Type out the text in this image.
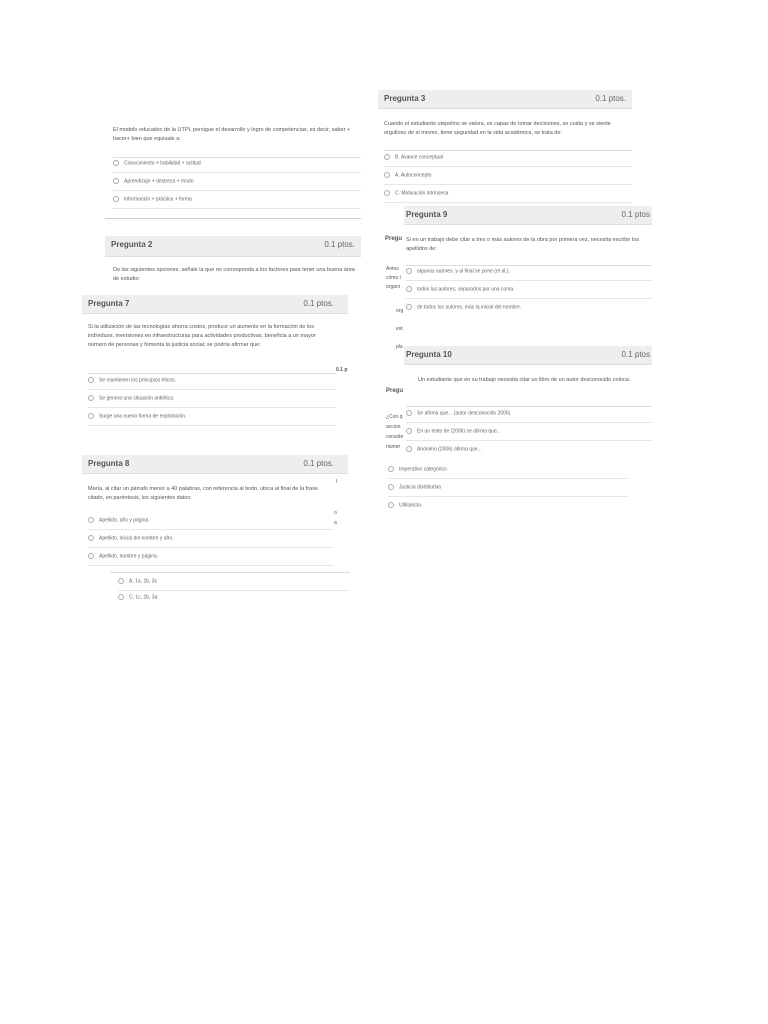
El modelo educativo de la UTPL persigue el desarrollo y logro de competencias, es decir, saber + hacer+ bien que equivale a:
Conocimiento + habilidad + actitud
Aprendizaje + destreza + modo
Información + práctica + forma
Pregunta 2	0.1 ptos.
De las siguientes opciones, señale la que no corresponda a los factores para tener una buena área de estudio:
Pregunta 7	0.1 ptos.
Si la utilización de las tecnologías ahorra costos, produce un aumento en la formación de los individuos, inversiones en infraestructuras para actividades productivas, beneficia a un mayor número de personas y fomenta la justicia social; se podría afirmar que:
0.1 p
Se mantienen los principios éticos.
Se genera una situación antiética.
Surge una nueva forma de explotación.
Pregunta 8	0.1 ptos.
I
o
a
María, al citar un párrafo menor a 40 palabras, con referencia al texto, ubica al final de la frase citado, en paréntesis, los siguientes datos:
Apellido, año y página.
Apellido, inicial del nombre y año.
Apellido, nombre y página.
A. 1a, 2b, 3c
C. 1c, 2b, 3a
Pregunta 3	0.1 ptos.
Cuando el estudiante utepelino se valora, es capaz de tomar decisiones, se cuida y se siente orgulloso de sí mismo, tiene seguridad en la vida académica, se trata de:
B. Avance conceptual
A. Autoconcepto
C. Motivación intrínseca
Pregu
Antes
cómo l
organi
org
est
pla
Pregu
¿Con q
accion
conside
númer
Imperativo categórico
Justicia distributiva
Utilitarista
Pregunta 9	0.1 ptos
Si en un trabajo debe citar a tres o más autores de la obra por primera vez, necesita escribir los apellidos de:
algunos autores, y al final se pone (et al.).
todos los autores, separados por una coma.
de todos los autores, más la inicial del nombre.
Pregunta 10	0.1 ptos
Un estudiante que en su trabajo necesita citar un libro de un autor desconocido coloca:
Se afirma que... (autor desconocido 2006)
En un texto de (2006) se afirma que...
Anónimo (2006) afirma que...
